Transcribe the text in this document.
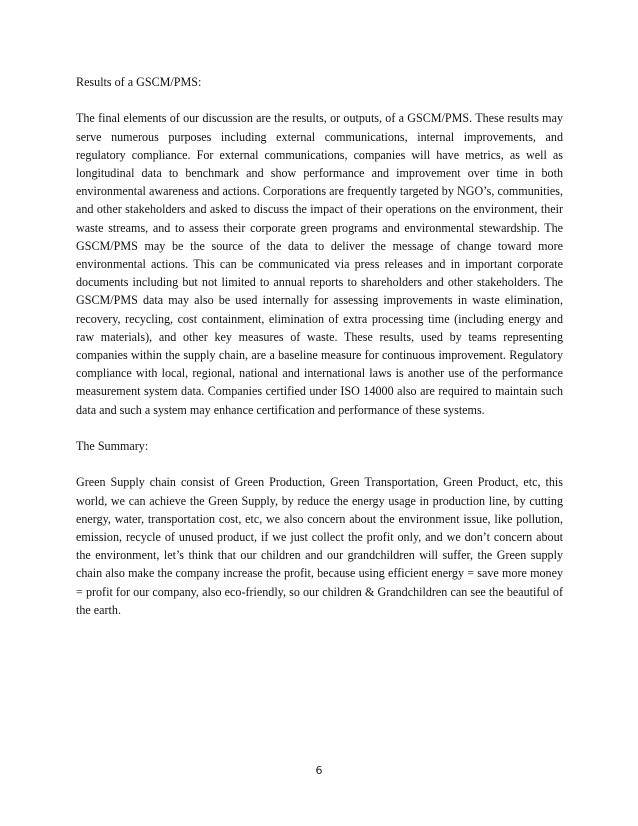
Results of a GSCM/PMS:

The final elements of our discussion are the results, or outputs, of a GSCM/PMS. These results may serve numerous purposes including external communications, internal improvements, and regulatory compliance. For external communications, companies will have metrics, as well as longitudinal data to benchmark and show performance and improvement over time in both environmental awareness and actions. Corporations are frequently targeted by NGO’s, communities, and other stakeholders and asked to discuss the impact of their operations on the environment, their waste streams, and to assess their corporate green programs and environmental stewardship. The GSCM/PMS may be the source of the data to deliver the message of change toward more environmental actions. This can be communicated via press releases and in important corporate documents including but not limited to annual reports to shareholders and other stakeholders. The GSCM/PMS data may also be used internally for assessing improvements in waste elimination, recovery, recycling, cost containment, elimination of extra processing time (including energy and raw materials), and other key measures of waste. These results, used by teams representing companies within the supply chain, are a baseline measure for continuous improvement. Regulatory compliance with local, regional, national and international laws is another use of the performance measurement system data. Companies certified under ISO 14000 also are required to maintain such data and such a system may enhance certification and performance of these systems.

The Summary:

Green Supply chain consist of Green Production, Green Transportation, Green Product, etc, this world, we can achieve the Green Supply, by reduce the energy usage in production line, by cutting energy, water, transportation cost, etc, we also concern about the environment issue, like pollution, emission, recycle of unused product, if we just collect the profit only, and we don’t concern about the environment, let’s think that our children and our grandchildren will suffer, the Green supply chain also make the company increase the profit, because using efficient energy = save more money = profit for our company, also eco-friendly, so our children & Grandchildren can see the beautiful of the earth.

6
